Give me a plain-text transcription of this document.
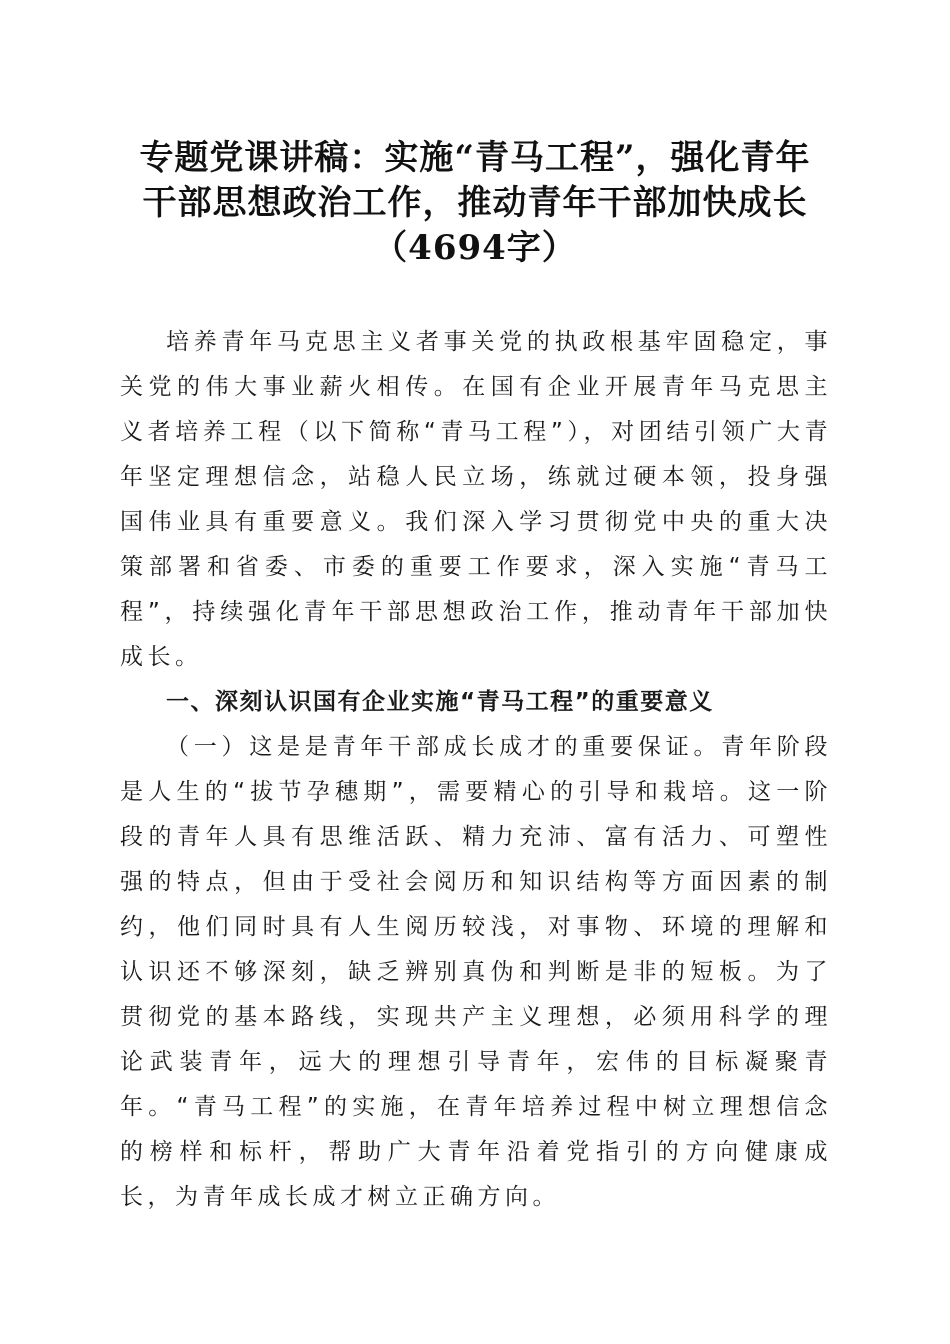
专题党课讲稿：实施“青马工程”，强化青年
干部思想政治工作，推动青年干部加快成长
（4694字）

培养青年马克思主义者事关党的执政根基牢固稳定，事关党的伟大事业薪火相传。在国有企业开展青年马克思主义者培养工程（以下简称“青马工程”），对团结引领广大青年坚定理想信念，站稳人民立场，练就过硬本领，投身强国伟业具有重要意义。我们深入学习贯彻党中央的重大决策部署和省委、市委的重要工作要求，深入实施“青马工程”，持续强化青年干部思想政治工作，推动青年干部加快成长。

一、深刻认识国有企业实施“青马工程”的重要意义

（一）这是是青年干部成长成才的重要保证。青年阶段是人生的“拔节孕穗期”，需要精心的引导和栽培。这一阶段的青年人具有思维活跃、精力充沛、富有活力、可塑性强的特点，但由于受社会阅历和知识结构等方面因素的制约，他们同时具有人生阅历较浅，对事物、环境的理解和认识还不够深刻，缺乏辨别真伪和判断是非的短板。为了贯彻党的基本路线，实现共产主义理想，必须用科学的理论武装青年，远大的理想引导青年，宏伟的目标凝聚青年。“青马工程”的实施，在青年培养过程中树立理想信念的榜样和标杆，帮助广大青年沿着党指引的方向健康成长，为青年成长成才树立正确方向。
